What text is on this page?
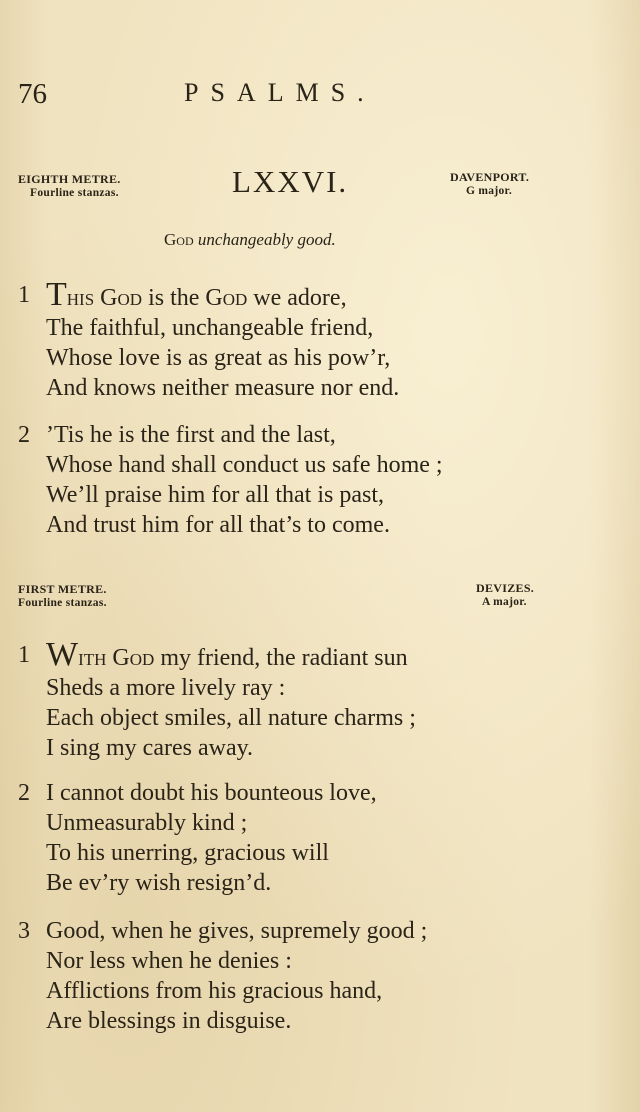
76	PSALMS.
EIGHTH METRE.
Fourline stanzas.	LXXVI.	DAVENPORT.
G major.
God unchangeably good.
1 This God is the God we adore,
The faithful, unchangeable friend,
Whose love is as great as his pow’r,
And knows neither measure nor end.
2 ’Tis he is the first and the last,
Whose hand shall conduct us safe home ;
We’ll praise him for all that is past,
And trust him for all that’s to come.
FIRST METRE.
Fourline stanzas.
DEVIZES.
A major.
1 With God my friend, the radiant sun
Sheds a more lively ray :
Each object smiles, all nature charms ;
I sing my cares away.
2 I cannot doubt his bounteous love,
Unmeasurably kind ;
To his unerring, gracious will
Be ev’ry wish resign’d.
3 Good, when he gives, supremely good ;
Nor less when he denies :
Afflictions from his gracious hand,
Are blessings in disguise.
